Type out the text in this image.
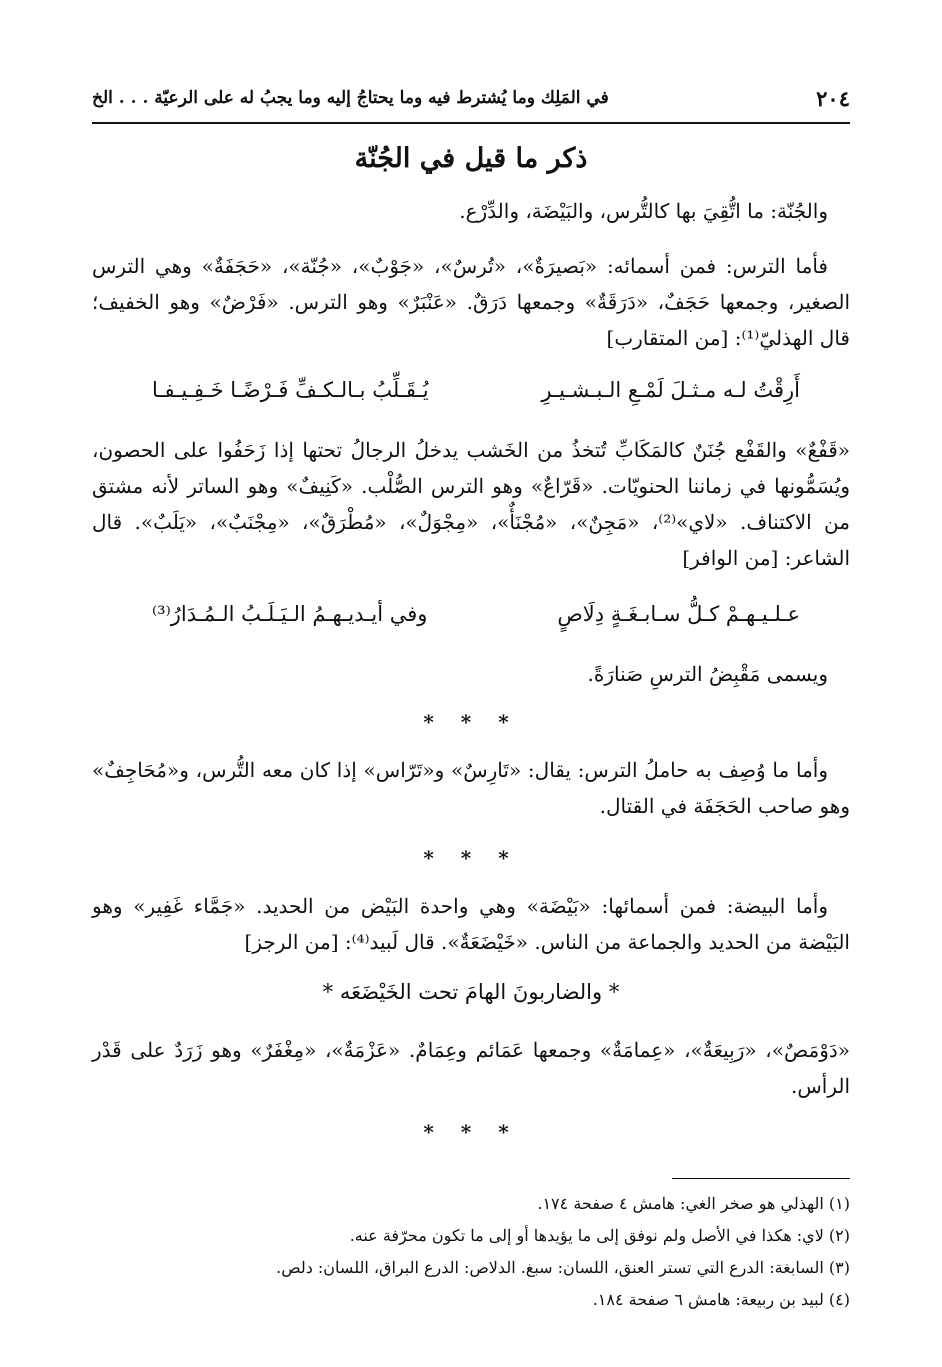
٢٠٤
في المَلِك وما يُشترط فيه وما يحتاجُ إليه وما يجبُ له على الرعيّة . . . الخ
ذكر ما قيل في الجُنّة

والجُنّة: ما اتُّقِيَ بها كالتُّرس، والبَيْضَة، والدِّرْع.

فأما الترس: فمن أسمائه: «بَصيرَةٌ»، «تُرسٌ»، «جَوْبٌ»، «جُنّة»، «حَجَفَةٌ» وهي الترس الصغير، وجمعها حَجَفٌ، «دَرَقَةٌ» وجمعها دَرَقٌ. «عَنْبَرٌ» وهو الترس. «فَرْضٌ» وهو الخفيف؛ قال الهذليّ⁽¹⁾: [من المتقارب]

أَرِقْتُ لـه مـثـلَ لَمْـعِ الـبـشـيـرِ
يُـقَـلِّبُ بـالـكـفِّ فَـرْضًـا خَـفِـيـفـا

«قَفْعٌ» والقَفْع جُنَنٌ كالمَكَابِّ تُتخذُ من الخَشب يدخلُ الرجالُ تحتها إذا زَحَفُوا على الحصون، ويُسَمُّونها في زماننا الحنويّات. «قَرّاعٌ» وهو الترس الصُّلْب. «كَنِيفٌ» وهو الساتر لأنه مشتق من الاكتناف. «لاي»⁽²⁾، «مَجِنٌ»، «مُجْنَأٌ»، «مِجْوَلٌ»، «مُطْرَقٌ»، «مِجْنَبٌ»، «يَلَبٌ». قال الشاعر: [من الوافر]

عـلـيـهـمْ كـلُّ سـابـغَـةٍ دِلَاصٍ
وفي أيـديـهـمُ الـيَـلَـبُ الـمُـدَارُ⁽³⁾

ويسمى مَقْبِضُ الترسِ صَنارَةً.

* * *

وأما ما وُصِف به حاملُ الترس: يقال: «تَارِسٌ» و«تَرّاس» إذا كان معه التُّرس، و«مُحَاجِفٌ» وهو صاحب الحَجَفَة في القتال.

* * *

وأما البيضة: فمن أسمائها: «بَيْضَة» وهي واحدة البَيْض من الحديد. «جَمَّاء غَفِير» وهو البَيْضة من الحديد والجماعة من الناس. «خَيْضَعَةٌ». قال لَبيد⁽⁴⁾: [من الرجز]

* والضاربونَ الهامَ تحت الخَيْضَعَه *

«دَوْمَصٌ»، «رَبِيعَةٌ»، «عِمامَةٌ» وجمعها عَمَائم وعِمَامٌ. «عَزْمَةٌ»، «مِغْفَرٌ» وهو زَرَدٌ على قَدْر الرأس.

* * *
(١) الهذلي هو صخر الغي: هامش ٤ صفحة ١٧٤.
(٢) لاي: هكذا في الأصل ولم نوفق إلى ما يؤيدها أو إلى ما تكون محرّفة عنه.
(٣) السابغة: الدرع التي تستر العنق، اللسان: سبغ. الدلاص: الدرع البراق، اللسان: دلص.
(٤) لبيد بن ربيعة: هامش ٦ صفحة ١٨٤.
